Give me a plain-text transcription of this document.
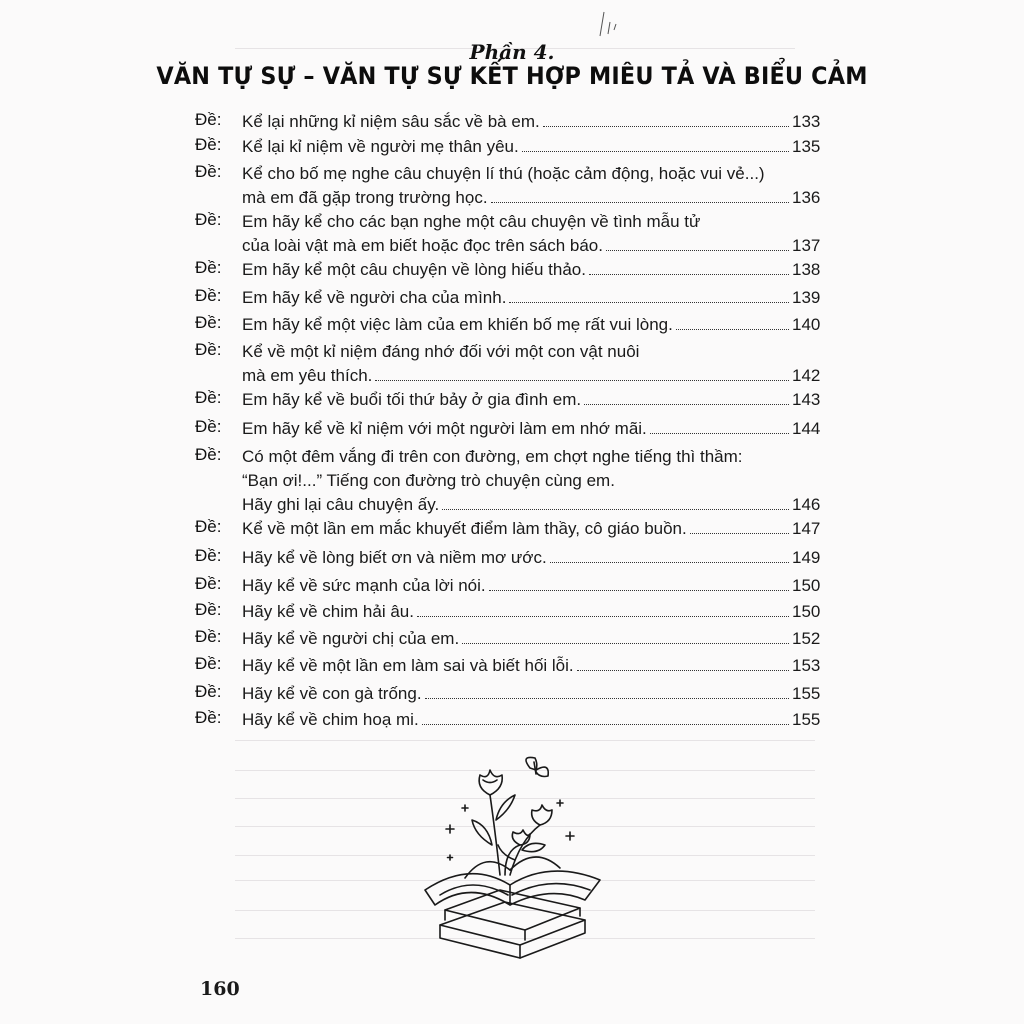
Phần 4.
VĂN TỰ SỰ – VĂN TỰ SỰ KẾT HỢP MIÊU TẢ VÀ BIỂU CẢM
Đề: Kể lại những kỉ niệm sâu sắc về bà em.	133
Đề: Kể lại kỉ niệm về người mẹ thân yêu.	135
Đề: Kể cho bố mẹ nghe câu chuyện lí thú (hoặc cảm động, hoặc vui vẻ...)
mà em đã gặp trong trường học.	136
Đề: Em hãy kể cho các bạn nghe một câu chuyện về tình mẫu tử
của loài vật mà em biết hoặc đọc trên sách báo.	137
Đề: Em hãy kể một câu chuyện về lòng hiếu thảo.	138
Đề: Em hãy kể về người cha của mình.	139
Đề: Em hãy kể một việc làm của em khiến bố mẹ rất vui lòng.	140
Đề: Kể về một kỉ niệm đáng nhớ đối với một con vật nuôi
mà em yêu thích.	142
Đề: Em hãy kể về buổi tối thứ bảy ở gia đình em.	143
Đề: Em hãy kể về kỉ niệm với một người làm em nhớ mãi.	144
Đề: Có một đêm vắng đi trên con đường, em chợt nghe tiếng thì thầm:
“Bạn ơi!...” Tiếng con đường trò chuyện cùng em.
Hãy ghi lại câu chuyện ấy.	146
Đề: Kể về một lần em mắc khuyết điểm làm thầy, cô giáo buồn.	147
Đề: Hãy kể về lòng biết ơn và niềm mơ ước.	149
Đề: Hãy kể về sức mạnh của lời nói.	150
Đề: Hãy kể về chim hải âu.	150
Đề: Hãy kể về người chị của em.	152
Đề: Hãy kể về một lần em làm sai và biết hối lỗi.	153
Đề: Hãy kể về con gà trống.	155
Đề: Hãy kể về chim hoạ mi.	155
160
